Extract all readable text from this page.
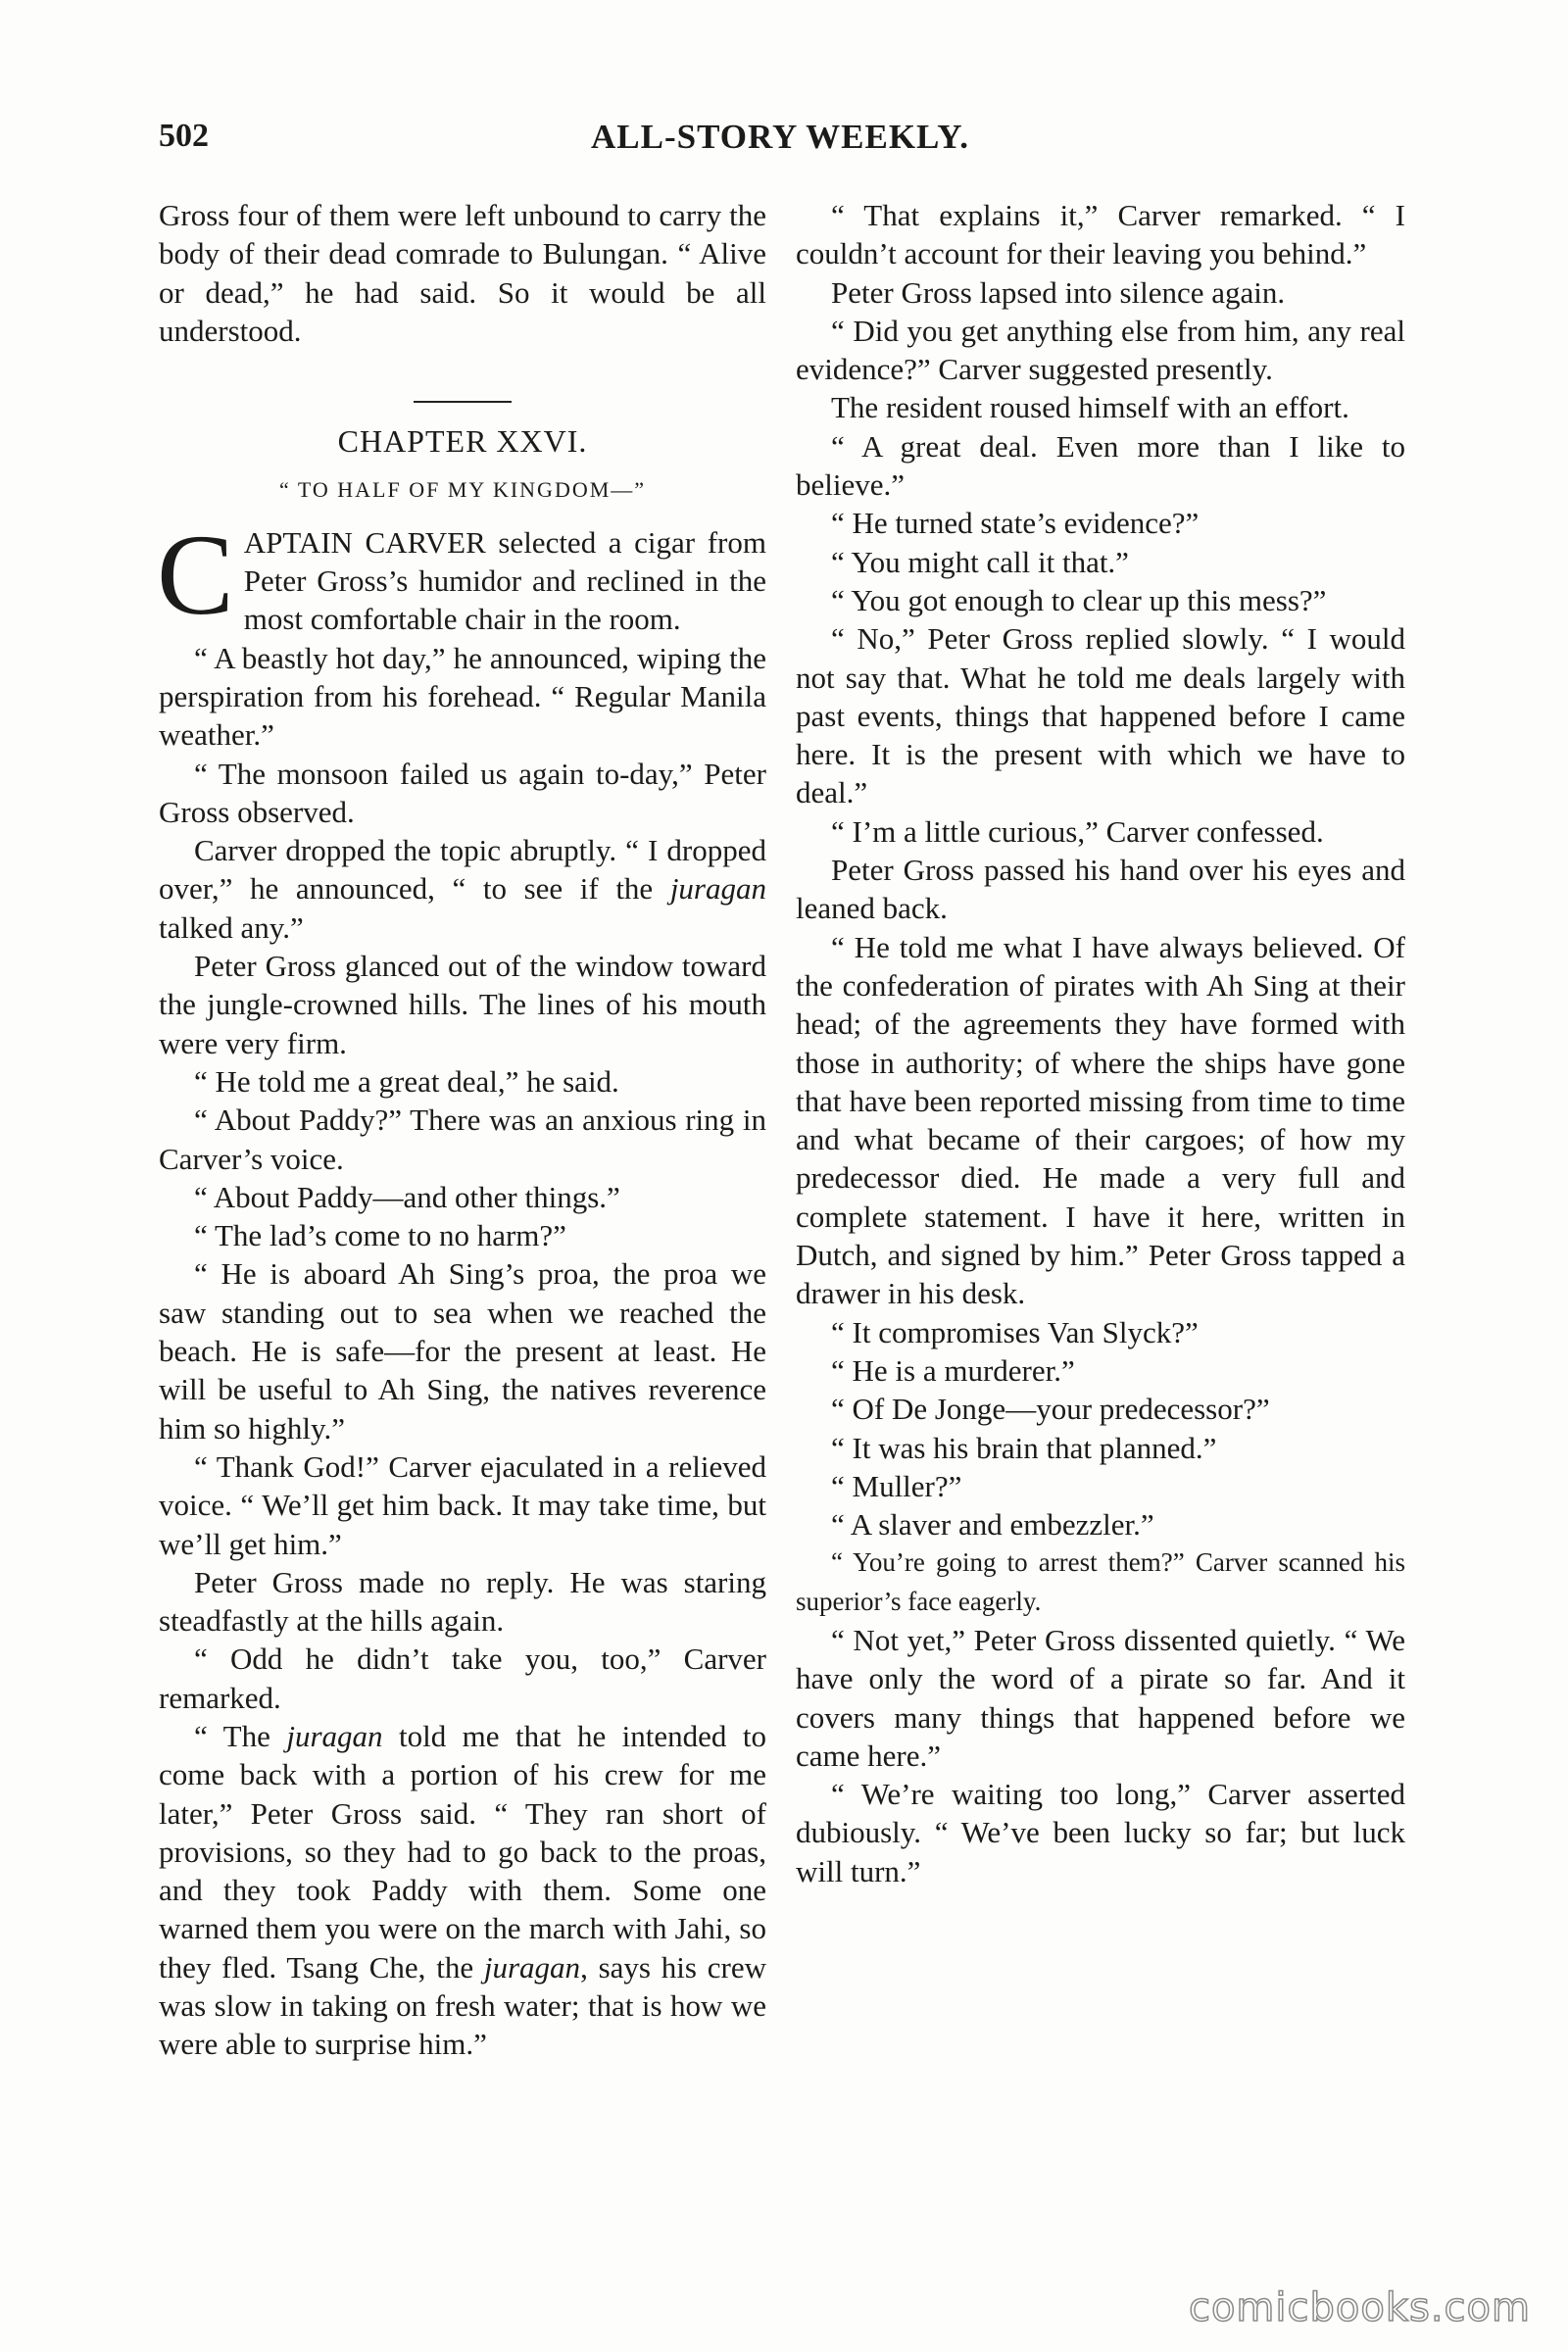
502	ALL-STORY WEEKLY.

Gross four of them were left unbound to carry the body of their dead comrade to Bulungan. “ Alive or dead,” he had said. So it would be all understood.

CHAPTER XXVI.
“ TO HALF OF MY KINGDOM—”

CAPTAIN CARVER selected a cigar from Peter Gross’s humidor and reclined in the most comfortable chair in the room.

“ A beastly hot day,” he announced, wiping the perspiration from his forehead. “ Regular Manila weather.”

“ The monsoon failed us again to-day,” Peter Gross observed.

Carver dropped the topic abruptly. “ I dropped over,” he announced, “ to see if the juragan talked any.”

Peter Gross glanced out of the window toward the jungle-crowned hills. The lines of his mouth were very firm.

“ He told me a great deal,” he said.

“ About Paddy?” There was an anxious ring in Carver’s voice.

“ About Paddy—and other things.”

“ The lad’s come to no harm?”

“ He is aboard Ah Sing’s proa, the proa we saw standing out to sea when we reached the beach. He is safe—for the present at least. He will be useful to Ah Sing, the natives reverence him so highly.”

“ Thank God!” Carver ejaculated in a relieved voice. “ We’ll get him back. It may take time, but we’ll get him.”

Peter Gross made no reply. He was staring steadfastly at the hills again.

“ Odd he didn’t take you, too,” Carver remarked.

“ The juragan told me that he intended to come back with a portion of his crew for me later,” Peter Gross said. “ They ran short of provisions, so they had to go back to the proas, and they took Paddy with them. Some one warned them you were on the march with Jahi, so they fled. Tsang Che, the juragan, says his crew was slow in taking on fresh water; that is how we were able to surprise him.”

“ That explains it,” Carver remarked. “ I couldn’t account for their leaving you behind.”

Peter Gross lapsed into silence again.

“ Did you get anything else from him, any real evidence?” Carver suggested presently.

The resident roused himself with an effort.

“ A great deal. Even more than I like to believe.”

“ He turned state’s evidence?”

“ You might call it that.”

“ You got enough to clear up this mess?”

“ No,” Peter Gross replied slowly. “ I would not say that. What he told me deals largely with past events, things that happened before I came here. It is the present with which we have to deal.”

“ I’m a little curious,” Carver confessed.

Peter Gross passed his hand over his eyes and leaned back.

“ He told me what I have always believed. Of the confederation of pirates with Ah Sing at their head; of the agreements they have formed with those in authority; of where the ships have gone that have been reported missing from time to time and what became of their cargoes; of how my predecessor died. He made a very full and complete statement. I have it here, written in Dutch, and signed by him.” Peter Gross tapped a drawer in his desk.

“ It compromises Van Slyck?”

“ He is a murderer.”

“ Of De Jonge—your predecessor?”

“ It was his brain that planned.”

“ Muller?”

“ A slaver and embezzler.”

“ You’re going to arrest them?” Carver scanned his superior’s face eagerly.

“ Not yet,” Peter Gross dissented quietly. “ We have only the word of a pirate so far. And it covers many things that happened before we came here.”

“ We’re waiting too long,” Carver asserted dubiously. “ We’ve been lucky so far; but luck will turn.”

comicbooks.com
